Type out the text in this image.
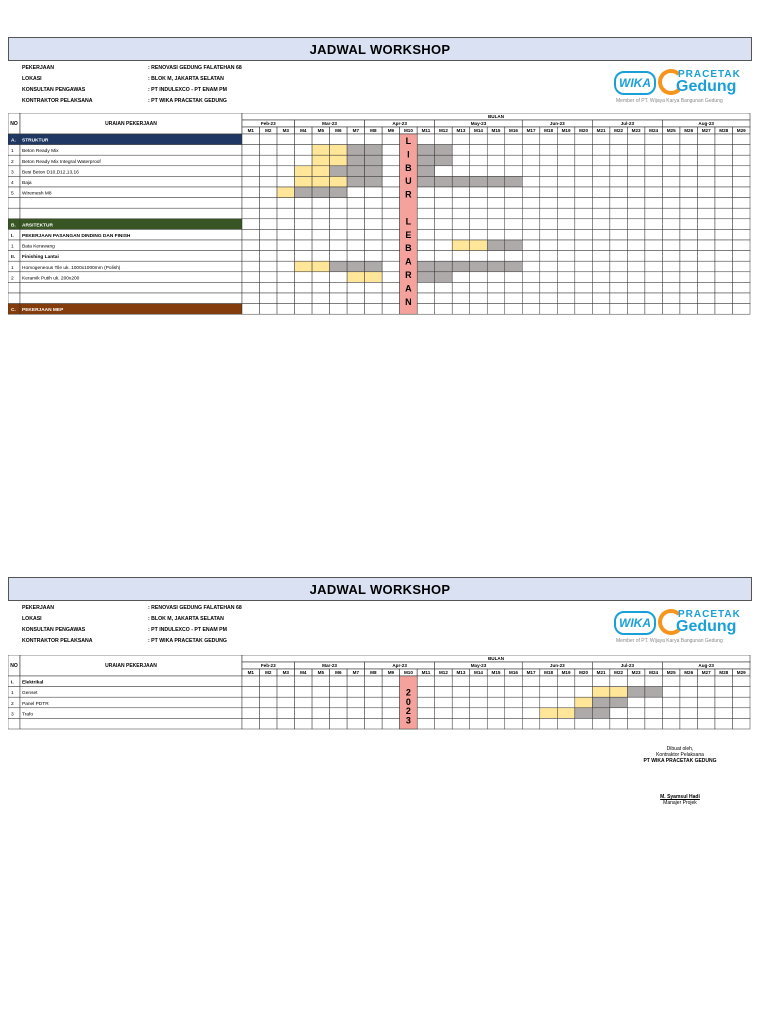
JADWAL WORKSHOP
PEKERJAAN	: RENOVASI GEDUNG FALATEHAN 68
LOKASI	: BLOK M, JAKARTA SELATAN
KONSULTAN PENGAWAS	: PT INDULEXCO - PT ENAM PM
KONTRAKTOR PELAKSANA	: PT WIKA PRACETAK GEDUNG
WIKA
PRACETAK
Gedung
Member of PT. Wijaya Karya Bangunan Gedung
NO	URAIAN PEKERJAAN
BULAN
Feb-23	Mar-23	Apr-23	May-23	Jun-23	Jul-23	Aug-23
M1 M2 M3 M4 M5 M6 M7 M8 M9 M10 M11 M12 M13 M14 M15 M16 M17 M18 M19 M20 M21 M22 M23 M24 M25 M26 M27 M28 M29
A. STRUKTUR
1 Beton Ready Mix
2 Beton Ready Mix Integral Waterproof
3 Besi Beton D10,D12,13,16
4 Baja
5 Wiremesh M8
B. ARSITEKTUR
I. PEKERJAAN PASANGAN DINDING DAN FINISH
1 Bata Kerawang
II. Finishing Lantai
1 Homogeneous Tile uk. 1000x1000mm (Polish)
2 Keramik Putih uk. 200x200
C. PEKERJAAN MEP
L
I
B
U
R
L
E
B
A
R
A
N
JADWAL WORKSHOP
PEKERJAAN	: RENOVASI GEDUNG FALATEHAN 68
LOKASI	: BLOK M, JAKARTA SELATAN
KONSULTAN PENGAWAS	: PT INDULEXCO - PT ENAM PM
KONTRAKTOR PELAKSANA	: PT WIKA PRACETAK GEDUNG
WIKA
PRACETAK
Gedung
Member of PT. Wijaya Karya Bangunan Gedung
NO	URAIAN PEKERJAAN
BULAN
Feb-23	Mar-23	Apr-23	May-23	Jun-23	Jul-23	Aug-23
M1 M2 M3 M4 M5 M6 M7 M8 M9 M10 M11 M12 M13 M14 M15 M16 M17 M18 M19 M20 M21 M22 M23 M24 M25 M26 M27 M28 M29
I. Elektrikal
1 Genset
2 Panel PDTR
3 Trafo
2
0
2
3
Dibuat oleh,
Kontraktor Pelaksana
PT WIKA PRACETAK GEDUNG
M. Syamsul Hadi
Manajer Projek
